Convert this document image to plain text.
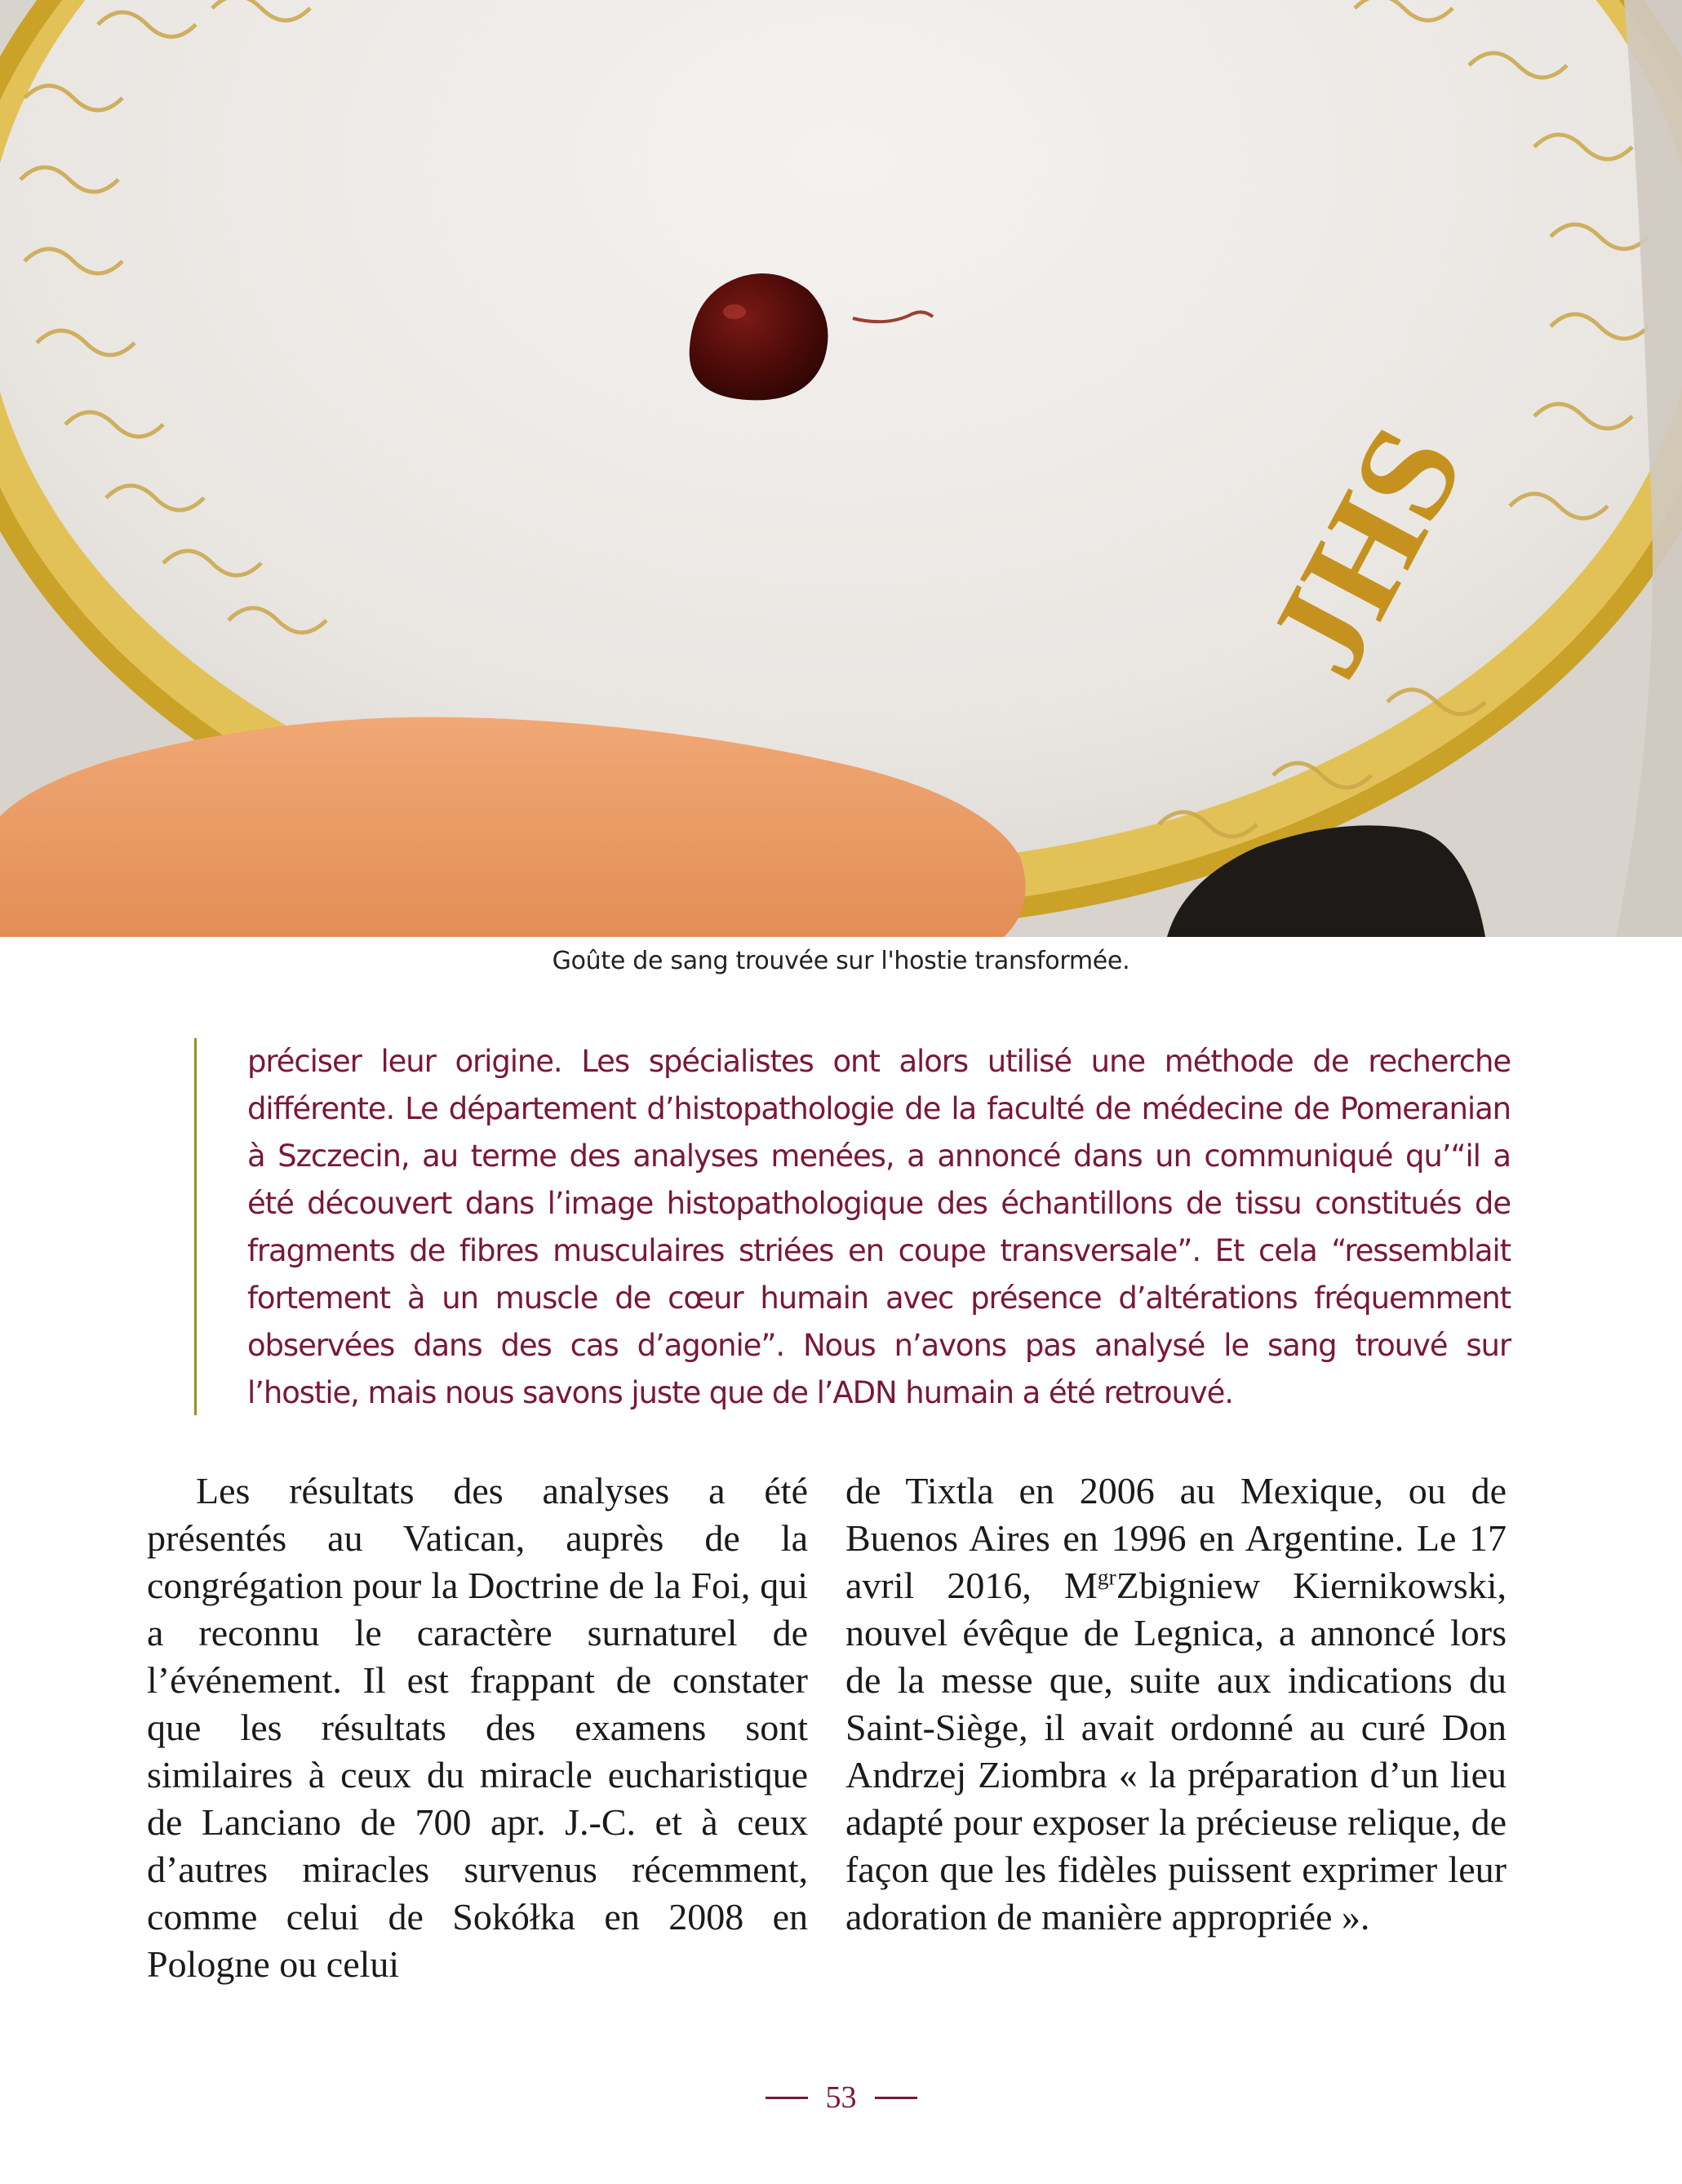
JHS
Goûte de sang trouvée sur l'hostie transformée.

préciser leur origine. Les spécialistes ont alors utilisé une méthode de recherche différente. Le département d’histopathologie de la faculté de médecine de Pomeranian à Szczecin, au terme des analyses menées, a annoncé dans un communiqué qu’“il a été découvert dans l’image histopathologique des échantillons de tissu constitués de fragments de fibres musculaires striées en coupe transversale”. Et cela “ressemblait fortement à un muscle de cœur humain avec présence d’altérations fréquemment observées dans des cas d’agonie”. Nous n’avons pas analysé le sang trouvé sur l’hostie, mais nous savons juste que de l’ADN humain a été retrouvé.

Les résultats des analyses a été présentés au Vatican, auprès de la congrégation pour la Doctrine de la Foi, qui a reconnu le caractère surnaturel de l’événement. Il est frappant de constater que les résultats des examens sont similaires à ceux du miracle eucharistique de Lanciano de 700 apr. J.-C. et à ceux d’autres miracles survenus récemment, comme celui de Sokółka en 2008 en Pologne ou celui

de Tixtla en 2006 au Mexique, ou de Buenos Aires en 1996 en Argentine. Le 17 avril 2016, $M^{gr}Zbigniew$ Kiernikowski, nouvel évêque de Legnica, a annoncé lors de la messe que, suite aux indications du Saint-Siège, il avait ordonné au curé Don Andrzej Ziombra « la préparation d’un lieu adapté pour exposer la précieuse relique, de façon que les fidèles puissent exprimer leur adoration de manière appropriée ».

53
